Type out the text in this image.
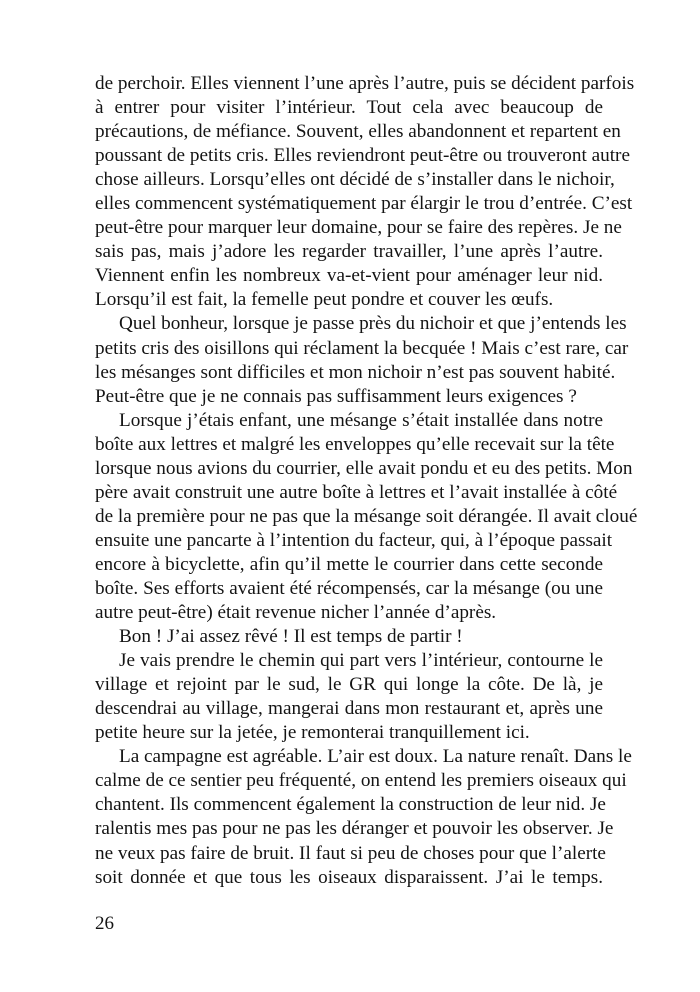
de perchoir. Elles viennent l’une après l’autre, puis se décident parfois
à entrer pour visiter l’intérieur. Tout cela avec beaucoup de
précautions, de méfiance. Souvent, elles abandonnent et repartent en
poussant de petits cris. Elles reviendront peut-être ou trouveront autre
chose ailleurs. Lorsqu’elles ont décidé de s’installer dans le nichoir,
elles commencent systématiquement par élargir le trou d’entrée. C’est
peut-être pour marquer leur domaine, pour se faire des repères. Je ne
sais pas, mais j’adore les regarder travailler, l’une après l’autre.
Viennent enfin les nombreux va-et-vient pour aménager leur nid.
Lorsqu’il est fait, la femelle peut pondre et couver les œufs.
Quel bonheur, lorsque je passe près du nichoir et que j’entends les
petits cris des oisillons qui réclament la becquée ! Mais c’est rare, car
les mésanges sont difficiles et mon nichoir n’est pas souvent habité.
Peut-être que je ne connais pas suffisamment leurs exigences ?
Lorsque j’étais enfant, une mésange s’était installée dans notre
boîte aux lettres et malgré les enveloppes qu’elle recevait sur la tête
lorsque nous avions du courrier, elle avait pondu et eu des petits. Mon
père avait construit une autre boîte à lettres et l’avait installée à côté
de la première pour ne pas que la mésange soit dérangée. Il avait cloué
ensuite une pancarte à l’intention du facteur, qui, à l’époque passait
encore à bicyclette, afin qu’il mette le courrier dans cette seconde
boîte. Ses efforts avaient été récompensés, car la mésange (ou une
autre peut-être) était revenue nicher l’année d’après.
Bon ! J’ai assez rêvé ! Il est temps de partir !
Je vais prendre le chemin qui part vers l’intérieur, contourne le
village et rejoint par le sud, le GR qui longe la côte. De là, je
descendrai au village, mangerai dans mon restaurant et, après une
petite heure sur la jetée, je remonterai tranquillement ici.
La campagne est agréable. L’air est doux. La nature renaît. Dans le
calme de ce sentier peu fréquenté, on entend les premiers oiseaux qui
chantent. Ils commencent également la construction de leur nid. Je
ralentis mes pas pour ne pas les déranger et pouvoir les observer. Je
ne veux pas faire de bruit. Il faut si peu de choses pour que l’alerte
soit donnée et que tous les oiseaux disparaissent. J’ai le temps.
26
